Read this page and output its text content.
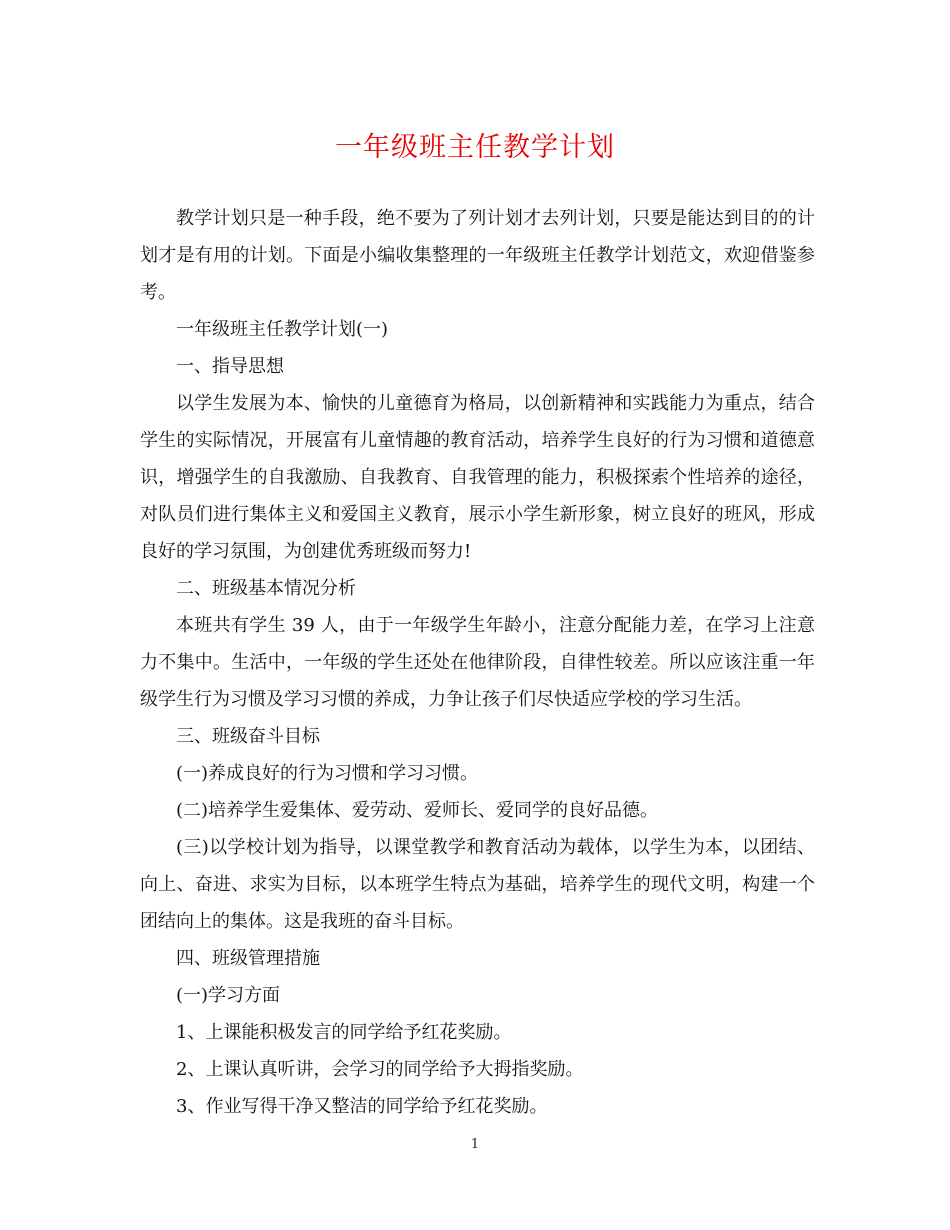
一年级班主任教学计划

教学计划只是一种手段，绝不要为了列计划才去列计划，只要是能达到目的的计划才是有用的计划。下面是小编收集整理的一年级班主任教学计划范文，欢迎借鉴参考。

一年级班主任教学计划(一)

一、指导思想

以学生发展为本、愉快的儿童德育为格局，以创新精神和实践能力为重点，结合学生的实际情况，开展富有儿童情趣的教育活动，培养学生良好的行为习惯和道德意识，增强学生的自我激励、自我教育、自我管理的能力，积极探索个性培养的途径，对队员们进行集体主义和爱国主义教育，展示小学生新形象，树立良好的班风，形成良好的学习氛围，为创建优秀班级而努力!

二、班级基本情况分析

本班共有学生 39 人，由于一年级学生年龄小，注意分配能力差，在学习上注意力不集中。生活中，一年级的学生还处在他律阶段，自律性较差。所以应该注重一年级学生行为习惯及学习习惯的养成，力争让孩子们尽快适应学校的学习生活。

三、班级奋斗目标

(一)养成良好的行为习惯和学习习惯。

(二)培养学生爱集体、爱劳动、爱师长、爱同学的良好品德。

(三)以学校计划为指导，以课堂教学和教育活动为载体，以学生为本，以团结、向上、奋进、求实为目标，以本班学生特点为基础，培养学生的现代文明，构建一个团结向上的集体。这是我班的奋斗目标。

四、班级管理措施

(一)学习方面

1、上课能积极发言的同学给予红花奖励。

2、上课认真听讲，会学习的同学给予大拇指奖励。

3、作业写得干净又整洁的同学给予红花奖励。

1
